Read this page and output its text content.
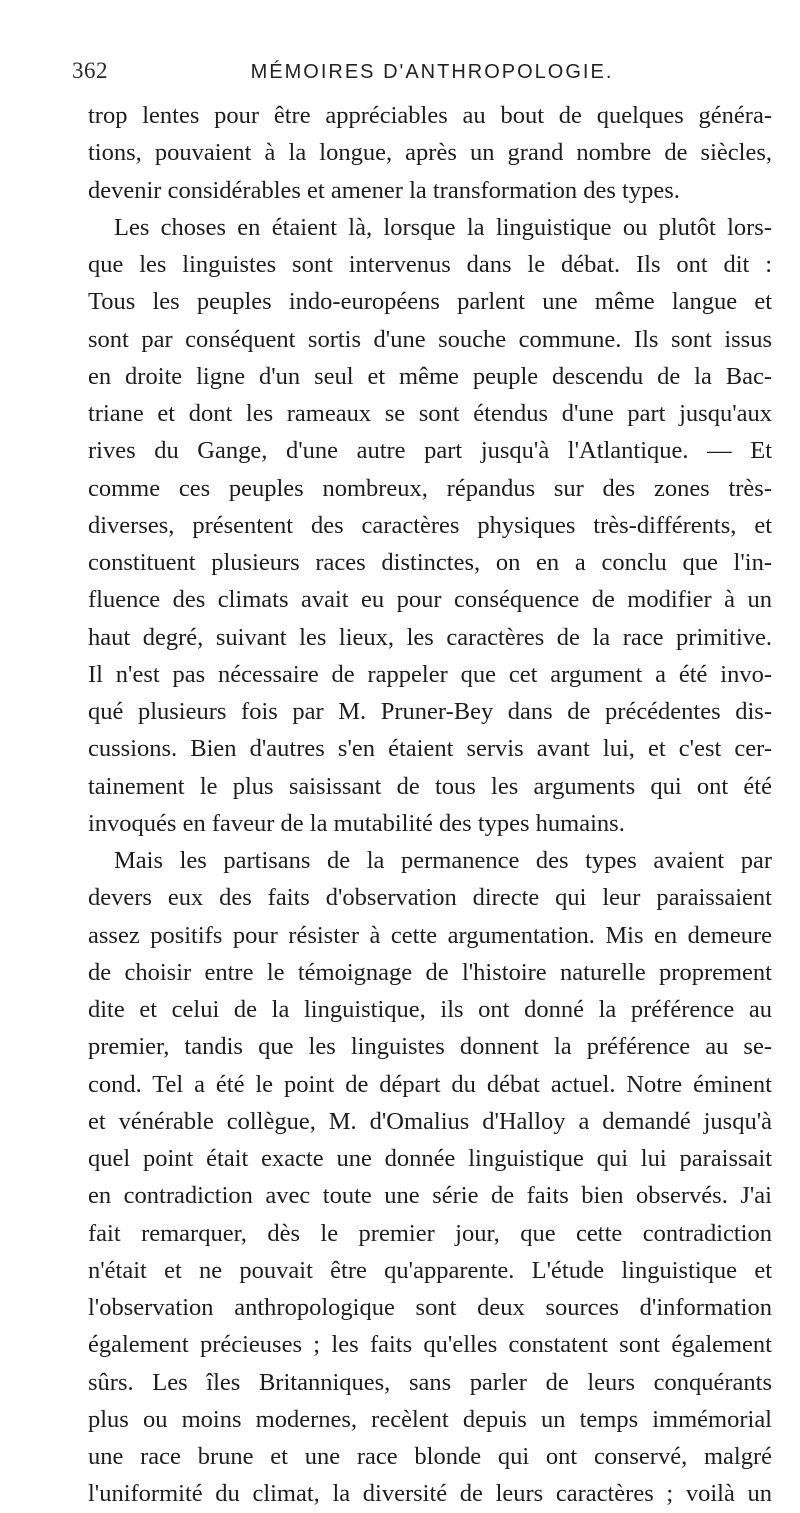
362	MÉMOIRES D'ANTHROPOLOGIE.
trop lentes pour être appréciables au bout de quelques généra-
tions, pouvaient à la longue, après un grand nombre de siècles,
devenir considérables et amener la transformation des types.
Les choses en étaient là, lorsque la linguistique ou plutôt lors-
que les linguistes sont intervenus dans le débat. Ils ont dit :
Tous les peuples indo-européens parlent une même langue et
sont par conséquent sortis d'une souche commune. Ils sont issus
en droite ligne d'un seul et même peuple descendu de la Bac-
triane et dont les rameaux se sont étendus d'une part jusqu'aux
rives du Gange, d'une autre part jusqu'à l'Atlantique. — Et
comme ces peuples nombreux, répandus sur des zones très-
diverses, présentent des caractères physiques très-différents, et
constituent plusieurs races distinctes, on en a conclu que l'in-
fluence des climats avait eu pour conséquence de modifier à un
haut degré, suivant les lieux, les caractères de la race primitive.
Il n'est pas nécessaire de rappeler que cet argument a été invo-
qué plusieurs fois par M. Pruner-Bey dans de précédentes dis-
cussions. Bien d'autres s'en étaient servis avant lui, et c'est cer-
tainement le plus saisissant de tous les arguments qui ont été
invoqués en faveur de la mutabilité des types humains.
Mais les partisans de la permanence des types avaient par
devers eux des faits d'observation directe qui leur paraissaient
assez positifs pour résister à cette argumentation. Mis en demeure
de choisir entre le témoignage de l'histoire naturelle proprement
dite et celui de la linguistique, ils ont donné la préférence au
premier, tandis que les linguistes donnent la préférence au se-
cond. Tel a été le point de départ du débat actuel. Notre éminent
et vénérable collègue, M. d'Omalius d'Halloy a demandé jusqu'à
quel point était exacte une donnée linguistique qui lui paraissait
en contradiction avec toute une série de faits bien observés. J'ai
fait remarquer, dès le premier jour, que cette contradiction
n'était et ne pouvait être qu'apparente. L'étude linguistique et
l'observation anthropologique sont deux sources d'information
également précieuses ; les faits qu'elles constatent sont également
sûrs. Les îles Britanniques, sans parler de leurs conquérants
plus ou moins modernes, recèlent depuis un temps immémorial
une race brune et une race blonde qui ont conservé, malgré
l'uniformité du climat, la diversité de leurs caractères ; voilà un
